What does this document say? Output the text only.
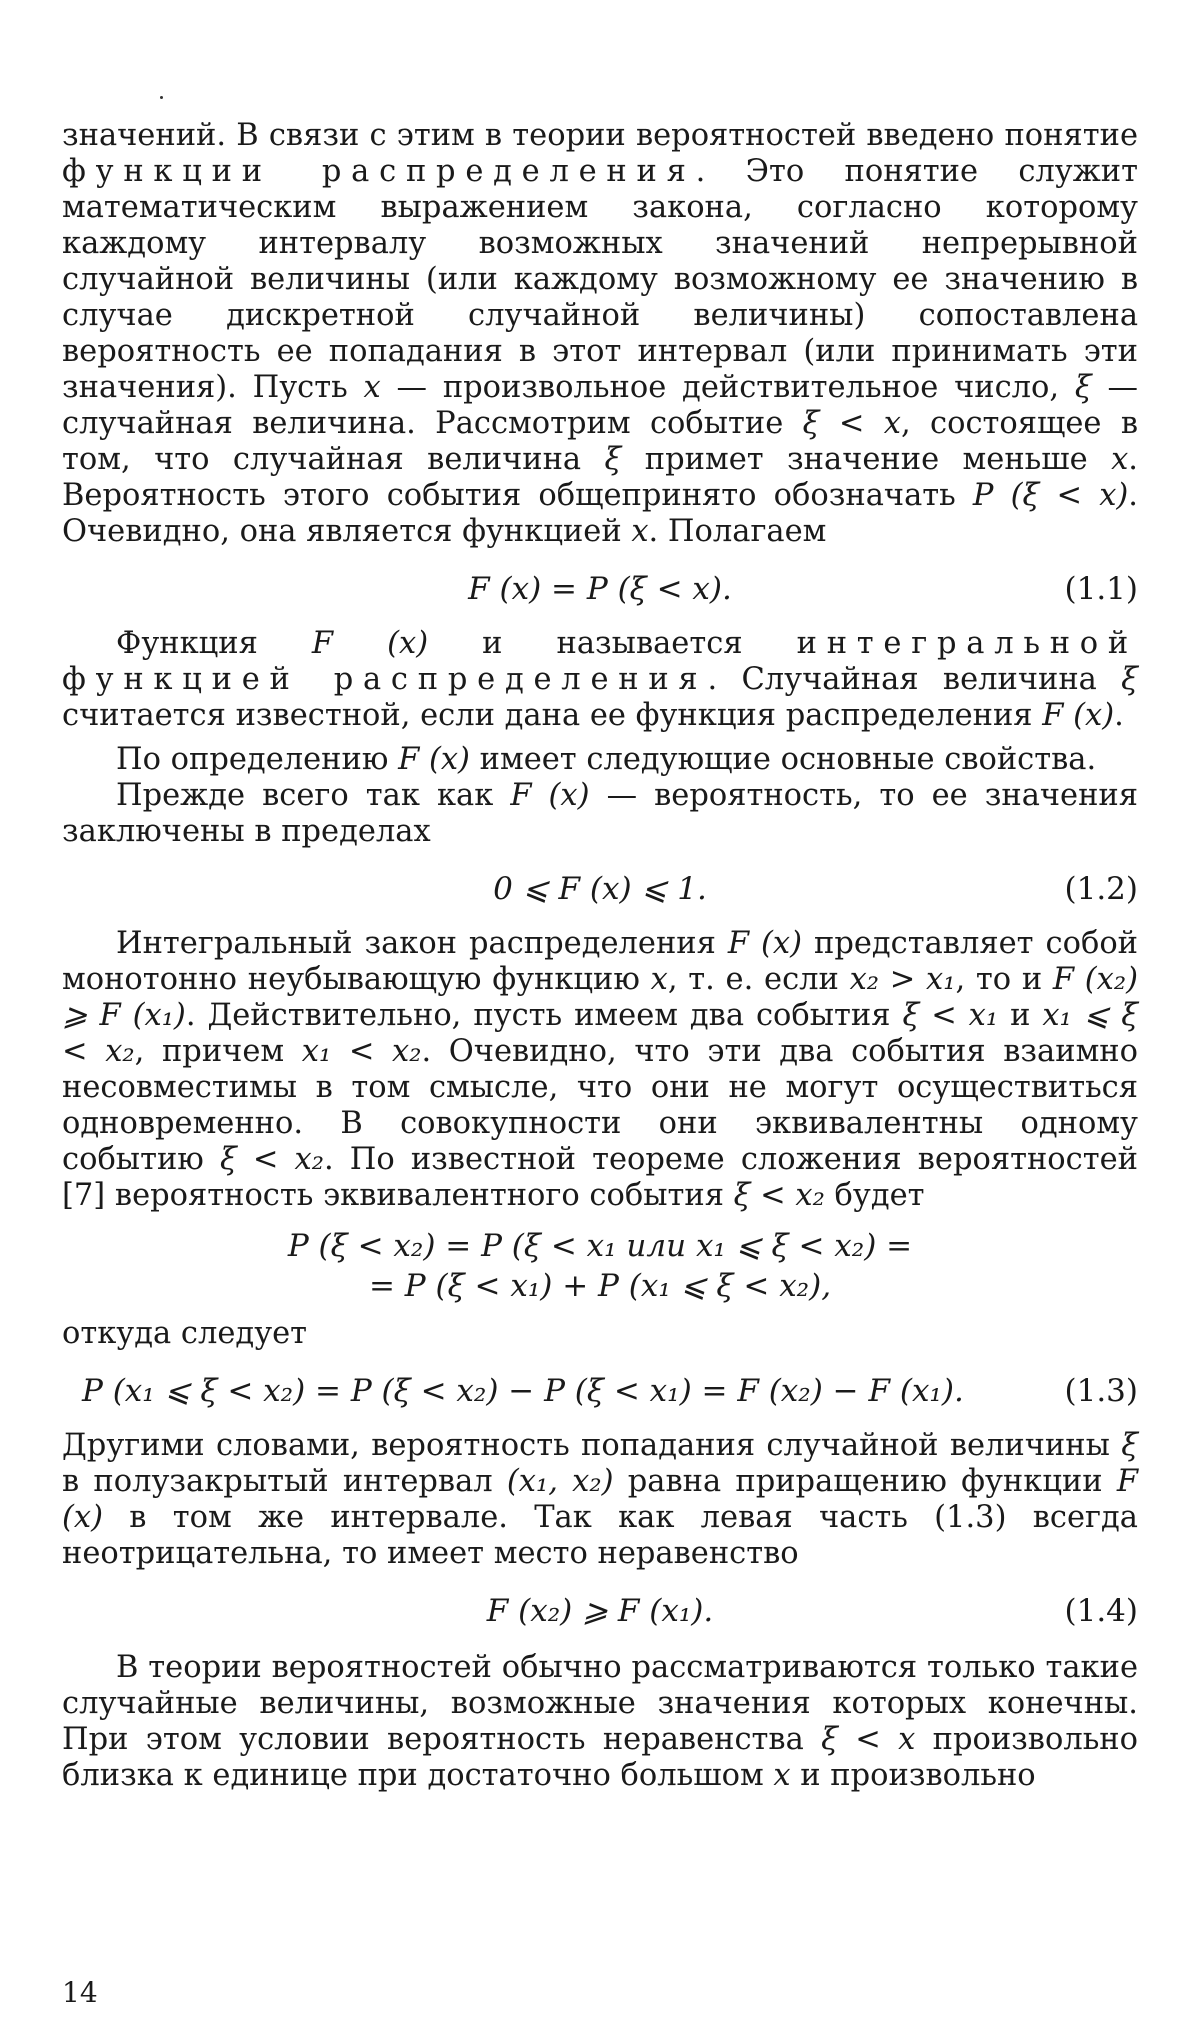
значений. В связи с этим в теории вероятностей введено понятие функции распределения. Это понятие служит математическим выражением закона, согласно которому каждому интервалу возможных значений непрерывной случайной величины (или каждому возможному ее значению в случае дискретной случайной величины) сопоставлена вероятность ее попадания в этот интервал (или принимать эти значения). Пусть x — произвольное действительное число, ξ — случайная величина. Рассмотрим событие ξ < x, состоящее в том, что случайная величина ξ примет значение меньше x. Вероятность этого события общепринято обозначать P (ξ < x). Очевидно, она является функцией x. Полагаем

F (x) = P (ξ < x).	(1.1)

Функция F (x) и называется интегральной функцией распределения. Случайная величина ξ считается известной, если дана ее функция распределения F (x).

По определению F (x) имеет следующие основные свойства.

Прежде всего так как F (x) — вероятность, то ее значения заключены в пределах

0 ⩽ F (x) ⩽ 1.	(1.2)

Интегральный закон распределения F (x) представляет собой монотонно неубывающую функцию x, т. е. если x₂ > x₁, то и F (x₂) ⩾ F (x₁). Действительно, пусть имеем два события ξ < x₁ и x₁ ⩽ ξ < x₂, причем x₁ < x₂. Очевидно, что эти два события взаимно несовместимы в том смысле, что они не могут осуществиться одновременно. В совокупности они эквивалентны одному событию ξ < x₂. По известной теореме сложения вероятностей [7] вероятность эквивалентного события ξ < x₂ будет

P (ξ < x₂) = P (ξ < x₁ или x₁ ⩽ ξ < x₂) =
= P (ξ < x₁) + P (x₁ ⩽ ξ < x₂),

откуда следует

P (x₁ ⩽ ξ < x₂) = P (ξ < x₂) − P (ξ < x₁) = F (x₂) − F (x₁).	(1.3)

Другими словами, вероятность попадания случайной величины ξ в полузакрытый интервал (x₁, x₂) равна приращению функции F (x) в том же интервале. Так как левая часть (1.3) всегда неотрицательна, то имеет место неравенство

F (x₂) ⩾ F (x₁).	(1.4)

В теории вероятностей обычно рассматриваются только такие случайные величины, возможные значения которых конечны. При этом условии вероятность неравенства ξ < x произвольно близка к единице при достаточно большом x и произвольно

14
